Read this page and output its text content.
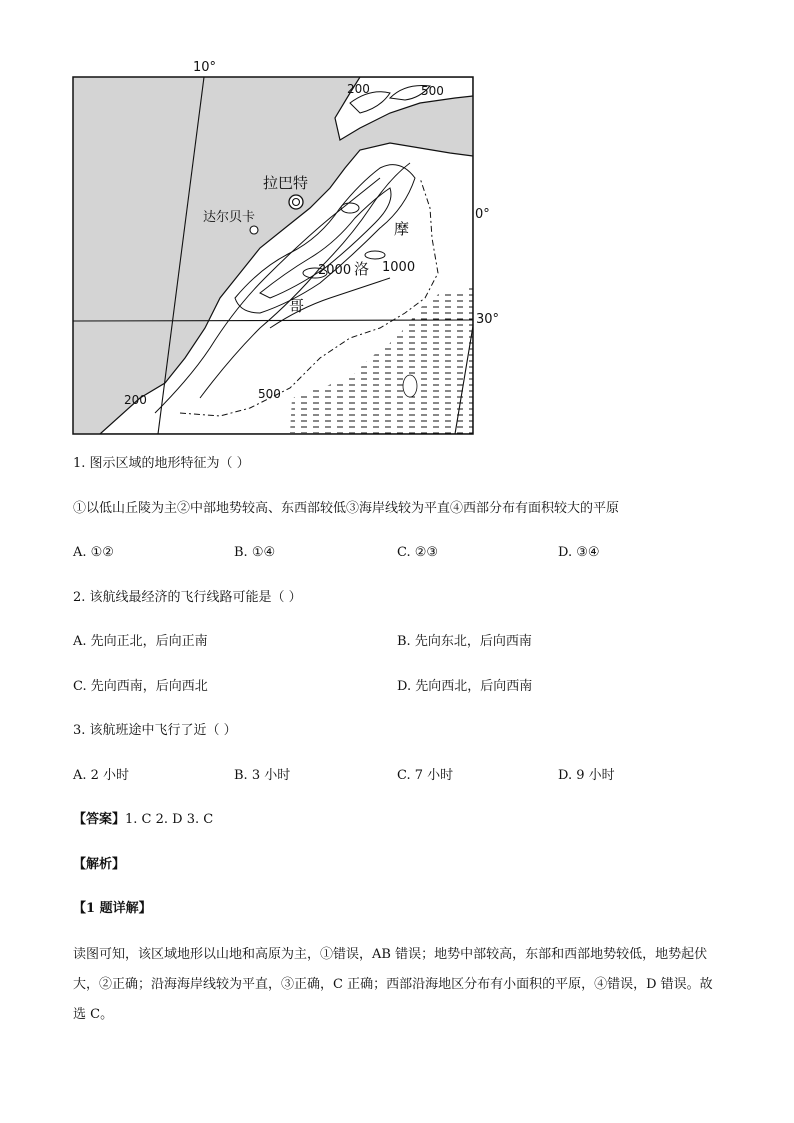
10°
0°
30°
200	500
拉巴特
达尔贝卡
摩
洛
哥
2000 1000
500
200
1. 图示区域的地形特征为（ ）
①以低山丘陵为主②中部地势较高、东西部较低③海岸线较为平直④西部分布有面积较大的平原
A. ①②	B. ①④	C. ②③	D. ③④
2. 该航线最经济的飞行线路可能是（ ）
A. 先向正北，后向正南	B. 先向东北，后向西南
C. 先向西南，后向西北	D. 先向西北，后向西南
3. 该航班途中飞行了近（ ）
A. 2 小时	B. 3 小时	C. 7 小时	D. 9 小时
【答案】1. C 2. D 3. C
【解析】
【1 题详解】
读图可知，该区域地形以山地和高原为主，①错误，AB 错误；地势中部较高，东部和西部地势较低，地势起伏大，②正确；沿海海岸线较为平直，③正确，C 正确；西部沿海地区分布有小面积的平原，④错误，D 错误。故选 C。
